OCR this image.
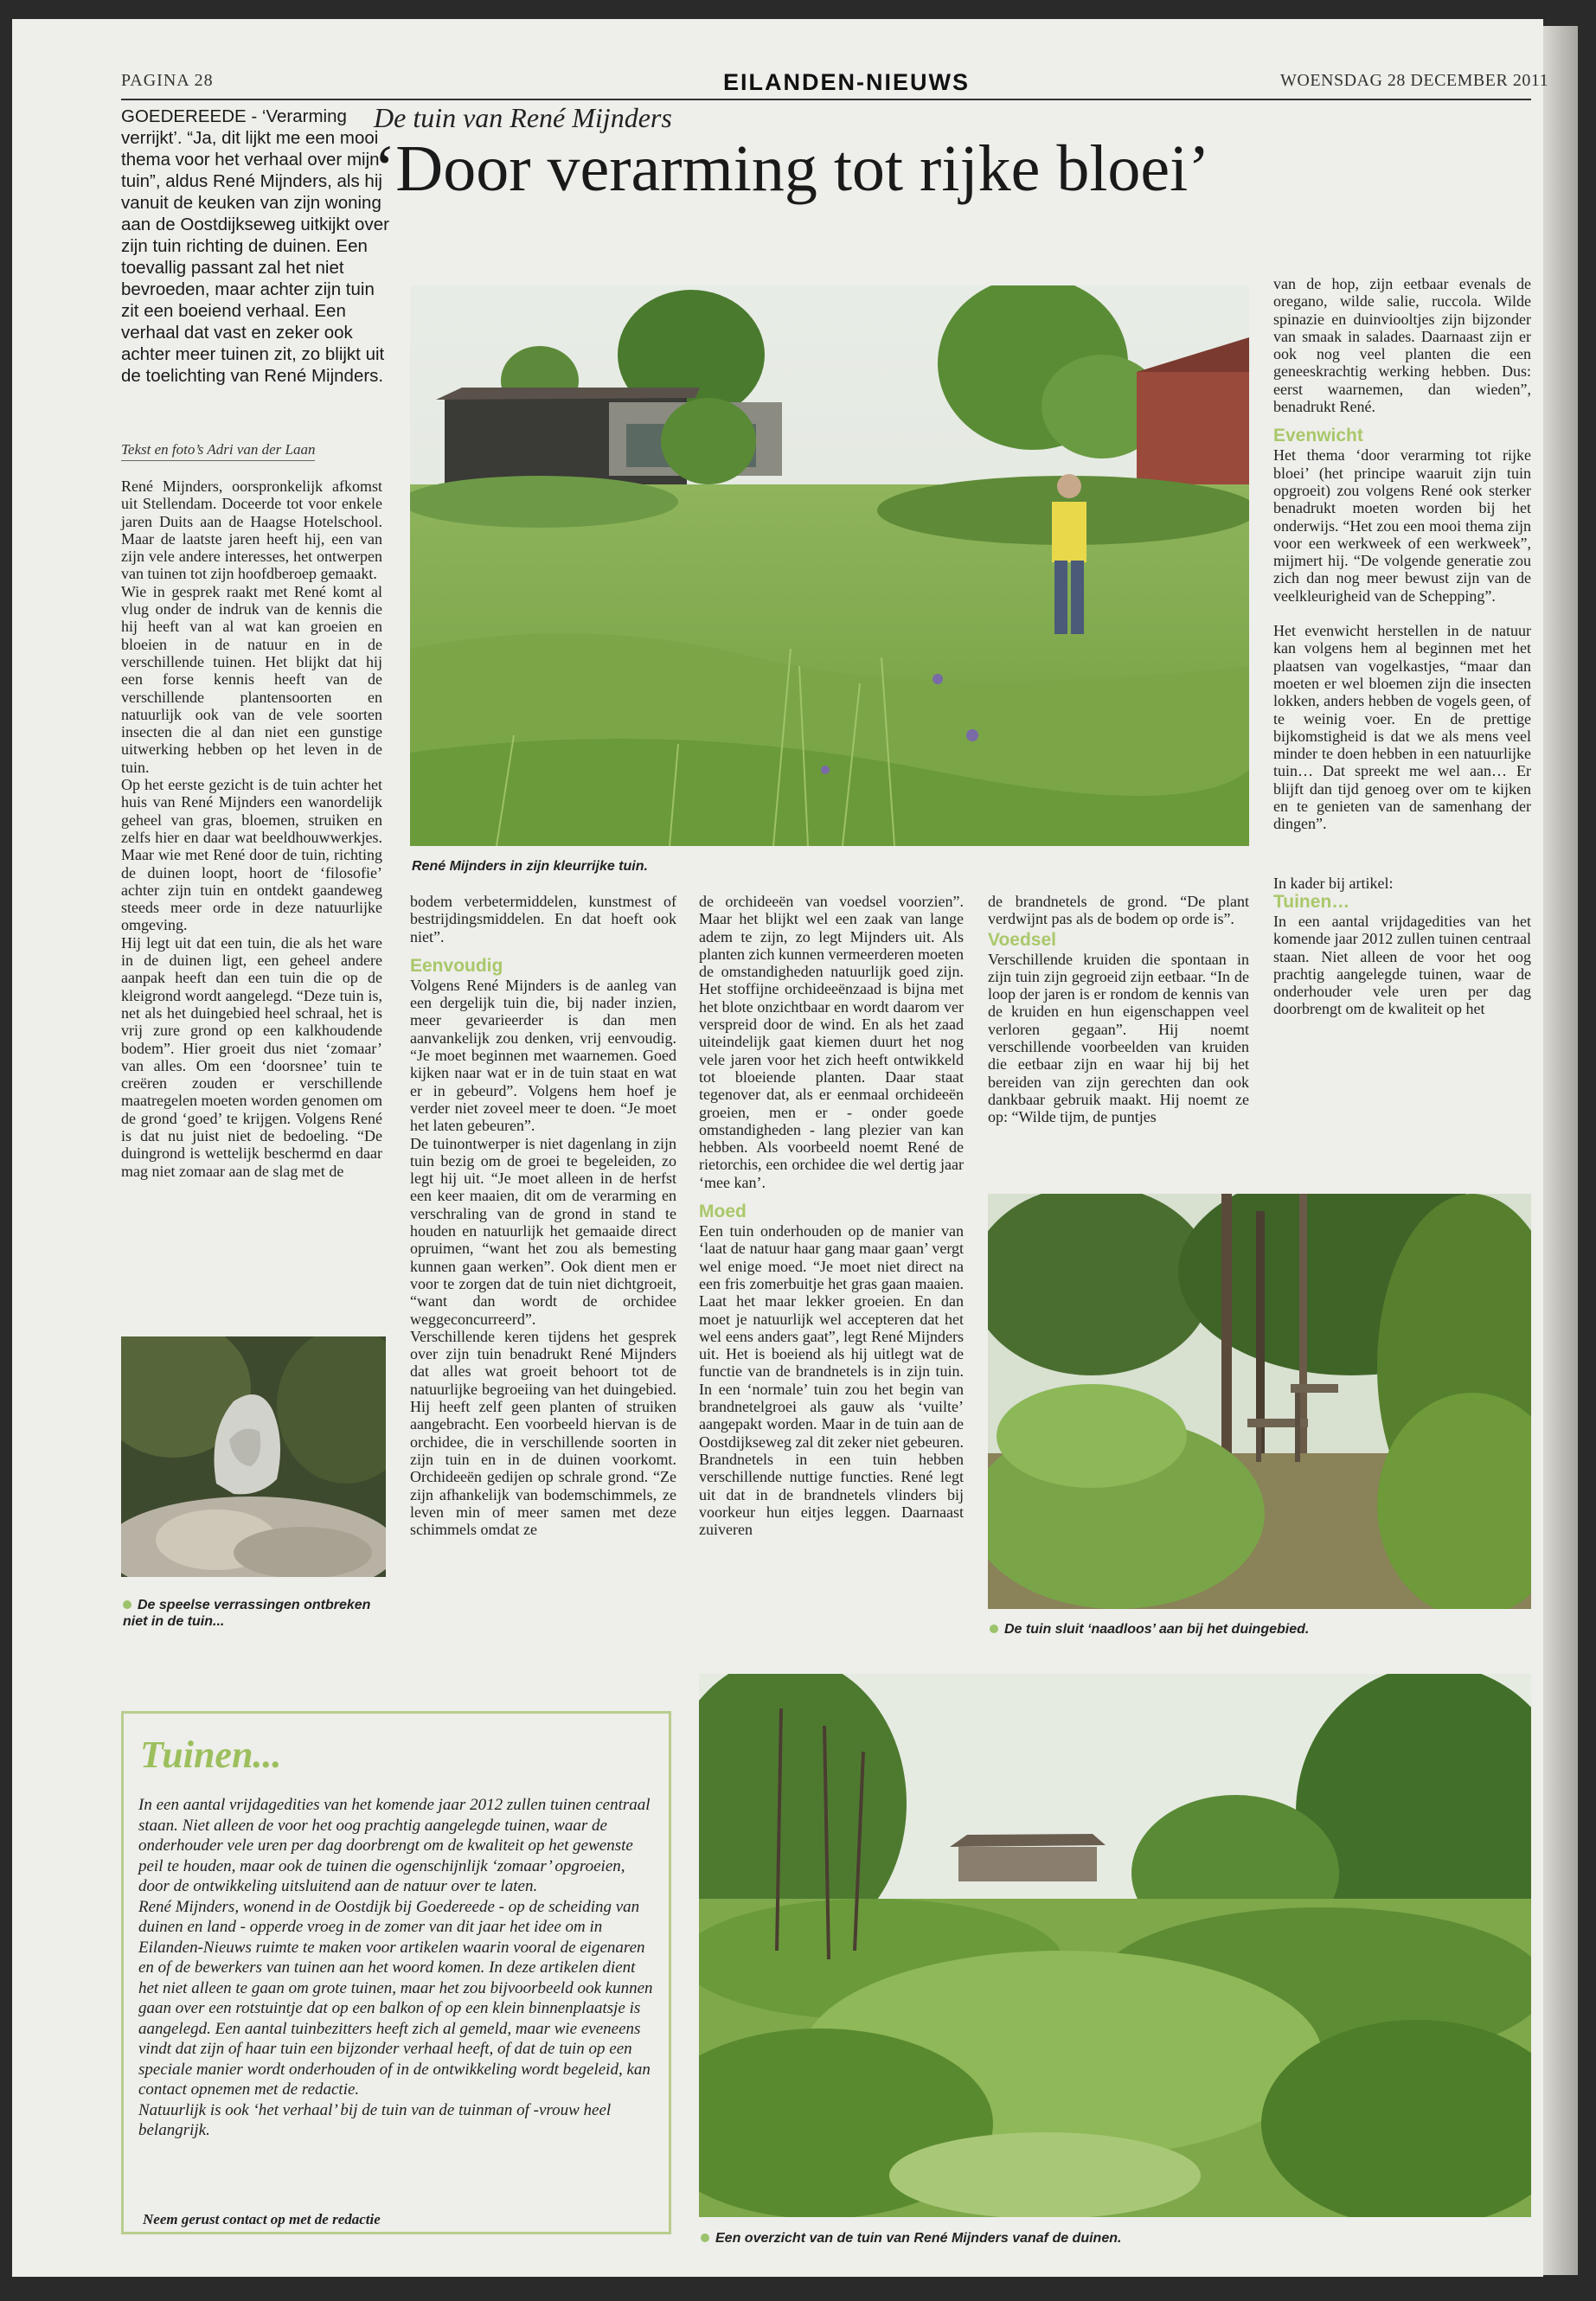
PAGINA 28	EILANDEN-NIEUWS	WOENSDAG 28 DECEMBER 2011
De tuin van René Mijnders
‘Door verarming tot rijke bloei’
GOEDEREEDE - ‘Verarming verrijkt’. “Ja, dit lijkt me een mooi thema voor het verhaal over mijn tuin”, aldus René Mijnders, als hij vanuit de keuken van zijn woning aan de Oostdijkseweg uitkijkt over zijn tuin richting de duinen. Een toevallig passant zal het niet bevroeden, maar achter zijn tuin zit een boeiend verhaal. Een verhaal dat vast en zeker ook achter meer tuinen zit, zo blijkt uit de toelichting van René Mijnders.
Tekst en foto’s Adri van der Laan

René Mijnders, oorspronkelijk afkomst uit Stellendam. Doceerde tot voor enkele jaren Duits aan de Haagse Hotelschool. Maar de laatste jaren heeft hij, een van zijn vele andere interesses, het ontwerpen van tuinen tot zijn hoofdberoep gemaakt.

Wie in gesprek raakt met René komt al vlug onder de indruk van de kennis die hij heeft van al wat kan groeien en bloeien in de natuur en in de verschillende tuinen. Het blijkt dat hij een forse kennis heeft van de verschillende plantensoorten en natuurlijk ook van de vele soorten insecten die al dan niet een gunstige uitwerking hebben op het leven in de tuin.

Op het eerste gezicht is de tuin achter het huis van René Mijnders een wanordelijk geheel van gras, bloemen, struiken en zelfs hier en daar wat beeldhouwwerkjes. Maar wie met René door de tuin, richting de duinen loopt, hoort de ‘filosofie’ achter zijn tuin en ontdekt gaandeweg steeds meer orde in deze natuurlijke omgeving.

Hij legt uit dat een tuin, die als het ware in de duinen ligt, een geheel andere aanpak heeft dan een tuin die op de kleigrond wordt aangelegd. “Deze tuin is, net als het duingebied heel schraal, het is vrij zure grond op een kalkhoudende bodem”. Hier groeit dus niet ‘zomaar’ van alles. Om een ‘doorsnee’ tuin te creëren zouden er verschillende maatregelen moeten worden genomen om de grond ‘goed’ te krijgen. Volgens René is dat nu juist niet de bedoeling. “De duingrond is wettelijk beschermd en daar mag niet zomaar aan de slag met de

René Mijnders in zijn kleurrijke tuin.

bodem verbetermiddelen, kunstmest of bestrijdingsmiddelen. En dat hoeft ook niet”.

Eenvoudig

Volgens René Mijnders is de aanleg van een dergelijk tuin die, bij nader inzien, meer gevarieerder is dan men aanvankelijk zou denken, vrij eenvoudig. “Je moet beginnen met waarnemen. Goed kijken naar wat er in de tuin staat en wat er in gebeurd”. Volgens hem hoef je verder niet zoveel meer te doen. “Je moet het laten gebeuren”.

De tuinontwerper is niet dagenlang in zijn tuin bezig om de groei te begeleiden, zo legt hij uit. “Je moet alleen in de herfst een keer maaien, dit om de verarming en verschraling van de grond in stand te houden en natuurlijk het gemaaide direct opruimen, “want het zou als bemesting kunnen gaan werken”. Ook dient men er voor te zorgen dat de tuin niet dichtgroeit, “want dan wordt de orchidee weggeconcurreerd”.

Verschillende keren tijdens het gesprek over zijn tuin benadrukt René Mijnders dat alles wat groeit behoort tot de natuurlijke begroeiing van het duingebied. Hij heeft zelf geen planten of struiken aangebracht. Een voorbeeld hiervan is de orchidee, die in verschillende soorten in zijn tuin en in de duinen voorkomt. Orchideeën gedijen op schrale grond. “Ze zijn afhankelijk van bodemschimmels, ze leven min of meer samen met deze schimmels omdat ze

de orchideeën van voedsel voorzien”. Maar het blijkt wel een zaak van lange adem te zijn, zo legt Mijnders uit. Als planten zich kunnen vermeerderen moeten de omstandigheden natuurlijk goed zijn. Het stoffijne orchideeënzaad is bijna met het blote onzichtbaar en wordt daarom ver verspreid door de wind. En als het zaad uiteindelijk gaat kiemen duurt het nog vele jaren voor het zich heeft ontwikkeld tot bloeiende planten. Daar staat tegenover dat, als er eenmaal orchideeën groeien, men er - onder goede omstandigheden - lang plezier van kan hebben. Als voorbeeld noemt René de rietorchis, een orchidee die wel dertig jaar ‘mee kan’.

Moed

Een tuin onderhouden op de manier van ‘laat de natuur haar gang maar gaan’ vergt wel enige moed. “Je moet niet direct na een fris zomerbuitje het gras gaan maaien. Laat het maar lekker groeien. En dan moet je natuurlijk wel accepteren dat het wel eens anders gaat”, legt René Mijnders uit. Het is boeiend als hij uitlegt wat de functie van de brandnetels is in zijn tuin. In een ‘normale’ tuin zou het begin van brandnetelgroei als gauw als ‘vuilte’ aangepakt worden. Maar in de tuin aan de Oostdijkseweg zal dit zeker niet gebeuren. Brandnetels in een tuin hebben verschillende nuttige functies. René legt uit dat in de brandnetels vlinders bij voorkeur hun eitjes leggen. Daarnaast zuiveren

de brandnetels de grond. “De plant verdwijnt pas als de bodem op orde is”.

Voedsel

Verschillende kruiden die spontaan in zijn tuin zijn gegroeid zijn eetbaar. “In de loop der jaren is er rondom de kennis van de kruiden en hun eigenschappen veel verloren gegaan”. Hij noemt verschillende voorbeelden van kruiden die eetbaar zijn en waar hij bij het bereiden van zijn gerechten dan ook dankbaar gebruik maakt. Hij noemt ze op: “Wilde tijm, de puntjes

van de hop, zijn eetbaar evenals de oregano, wilde salie, ruccola. Wilde spinazie en duinviooltjes zijn bijzonder van smaak in salades. Daarnaast zijn er ook nog veel planten die een geneeskrachtig werking hebben. Dus: eerst waarnemen, dan wieden”, benadrukt René.

Evenwicht

Het thema ‘door verarming tot rijke bloei’ (het principe waaruit zijn tuin opgroeit) zou volgens René ook sterker benadrukt moeten worden bij het onderwijs. “Het zou een mooi thema zijn voor een werkweek of een werkweek”, mijmert hij. “De volgende generatie zou zich dan nog meer bewust zijn van de veelkleurigheid van de Schepping”.

Het evenwicht herstellen in de natuur kan volgens hem al beginnen met het plaatsen van vogelkastjes, “maar dan moeten er wel bloemen zijn die insecten lokken, anders hebben de vogels geen, of te weinig voer. En de prettige bijkomstigheid is dat we als mens veel minder te doen hebben in een natuurlijke tuin… Dat spreekt me wel aan… Er blijft dan tijd genoeg over om te kijken en te genieten van de samenhang der dingen”.

In kader bij artikel:

Tuinen…

In een aantal vrijdagedities van het komende jaar 2012 zullen tuinen centraal staan. Niet alleen de voor het oog prachtig aangelegde tuinen, waar de onderhouder vele uren per dag doorbrengt om de kwaliteit op het

De speelse verrassingen ontbreken niet in de tuin...
De tuin sluit ‘naadloos’ aan bij het duingebied.
Tuinen...

In een aantal vrijdagedities van het komende jaar 2012 zullen tuinen centraal staan. Niet alleen de voor het oog prachtig aangelegde tuinen, waar de onderhouder vele uren per dag doorbrengt om de kwaliteit op het gewenste peil te houden, maar ook de tuinen die ogenschijnlijk ‘zomaar’ opgroeien, door de ontwikkeling uitsluitend aan de natuur over te laten.

René Mijnders, wonend in de Oostdijk bij Goedereede - op de scheiding van duinen en land - opperde vroeg in de zomer van dit jaar het idee om in Eilanden-Nieuws ruimte te maken voor artikelen waarin vooral de eigenaren en of de bewerkers van tuinen aan het woord komen. In deze artikelen dient het niet alleen te gaan om grote tuinen, maar het zou bijvoorbeeld ook kunnen gaan over een rotstuintje dat op een balkon of op een klein binnenplaatsje is aangelegd. Een aantal tuinbezitters heeft zich al gemeld, maar wie eveneens vindt dat zijn of haar tuin een bijzonder verhaal heeft, of dat de tuin op een speciale manier wordt onderhouden of in de ontwikkeling wordt begeleid, kan contact opnemen met de redactie.

Natuurlijk is ook ‘het verhaal’ bij de tuin van de tuinman of -vrouw heel belangrijk.

Neem gerust contact op met de redactie
Een overzicht van de tuin van René Mijnders vanaf de duinen.
